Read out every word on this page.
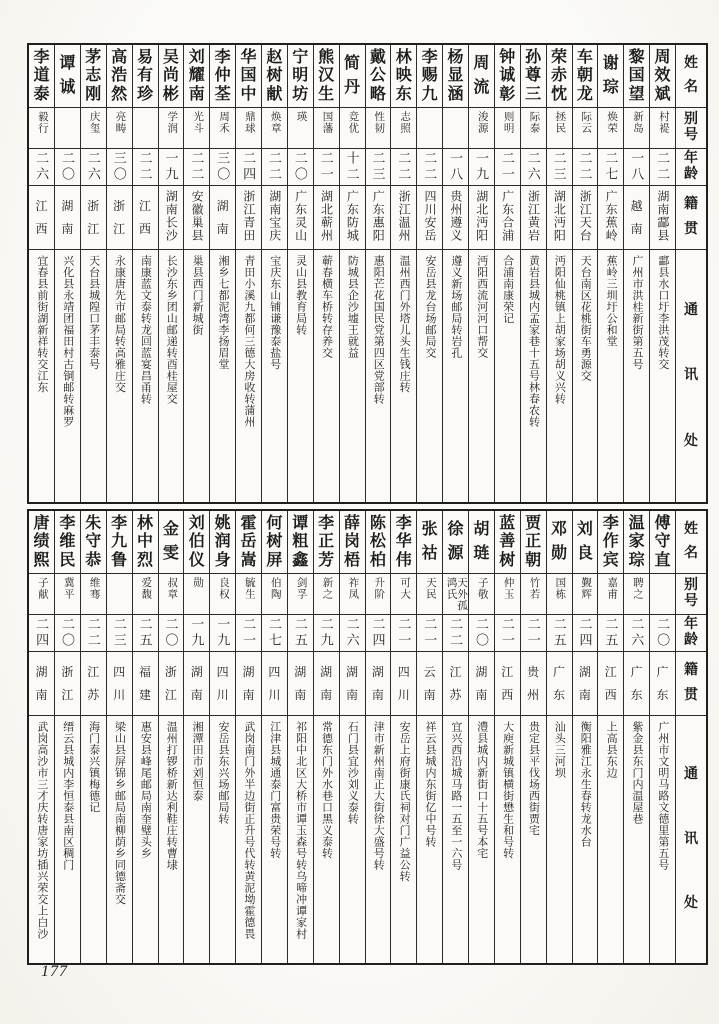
姓
名
别
号
年
龄
籍
贯
通
讯
处
周
效
斌
村褆
二二
湖南酃县
酃县水口圩李洪茂转交
黎
国
望
新岛
一八
越
南
广州市洪桂新街第五号
谢
琮
焕荣
二七
广东蕉岭
蕉岭三圳圩公和堂
车
朝
龙
际云
二二
浙江天台
天台南区花桃街车勇源交
荣
赤
忱
拯民
二三
湖北沔阳
沔阳仙桃镇上胡家场胡义兴转
孙
尊
三
际泰
二六
浙江黄岩
黄岩县城内孟家巷十五号林春农转
钟
诚
彰
则明
二一
广东合浦
合浦南康荣记
周
流
浚源
一九
湖北沔阳
沔阳西流河河口帮交
杨
显
涵
一八
贵州遵义
遵义新场邮局转岩孔
李
赐
九
二二
四川安岳
安岳县龙台场邮局交
林
映
东
志照
二二
浙江温州
温州西门外塔儿头生钱庄转
戴
公
略
性韧
二三
广东惠阳
惠阳芒花国民党第四区党部转
简
丹
竞优
十二
广东防城
防城县企沙墟王就益
熊
汉
生
国藩
二一
湖北蕲州
蕲春横车桥转存养交
宁
明
坊
瑛
二〇
广东灵山
灵山县教育局转
赵
树
献
焕章
二二
湖南宝庆
宝庆东山铺谦豫泰盐号
华
国
中
鼎球
二四
浙江青田
青田小溪九都何三德大房收转蒲州
李
仲
荃
周禾
三〇
湖
南
湘乡七都泥湾李扬眉堂
刘
耀
南
光斗
二二
安徽巢县
巢县西门新城街
吴
尚
彬
学润
一九
湖南长沙
长沙东乡团山邮递转酉桂屋交
易
有
珍
二二
江
西
南康蓝文泰转龙回蓝宴昌甬转
高
浩
然
亮畴
三〇
浙
江
永康唐先市邮局转高雅庄交
茅
志
刚
庆玺
二六
浙
江
天台县城隍口茅丰泰号
谭
诚
二〇
湖
南
兴化县永靖团福田村古铜邮转麻罗
李
道
泰
毅行
二六
江
西
宜春县前街湖新祥转交江东
姓
名
别
号
年
龄
籍
贯
通
讯
处
傅
守
直
二〇
广
东
广州市文明马路文德里第五号
温
家
琮
聘之
二六
广
东
紫金县东门内温屋巷
李
作
宾
嘉甫
二五
江
西
上高县东边
刘
良
觐辉
二四
湖
南
衡阳雅江永生春转龙水台
邓
勋
国栋
二五
广
东
汕头三河坝
贾
正
朝
竹若
二一
贵
州
贵定县平伐场西街贾宅
蓝
善
树
仲玉
二一
江
西
大庾新城镇横街懋生和号转
胡
琏
子敬
二〇
湖
南
澧县城内新街口十五号本宅
徐
源
天外孤鸿氏
二二
江
苏
宜兴西沿城马路一五至一六号
张
祜
天民
二一
云
南
祥云县城内东街亿中号转
李
华
伟
可大
二一
四
川
安岳上府街康氏祠对门广益公转
陈
松
柏
升阶
二四
湖
南
津市新州南正大街徐大盛号转
薛
岗
梧
祚凤
二六
湖
南
石门县宜沙刘义泰转
李
正
芳
新之
二九
湖
南
常德东门外水巷口黑义泰转
谭
粗
鑫
剑孚
二五
湖
南
祁阳中北区大桥市谭玉森号转乌啼冲谭家村
何
树
屏
伯陶
二七
四
川
江津县城通泰门富贵荣号转
霍
岳
嵩
毓生
二一
湖
南
武岗南门外半边街正升号代转黄泥坳霍德畏
姚
润
身
良权
一九
四
川
安岳县东兴场邮局转
刘
伯
仪
勋
一九
湖
南
湘潭田市刘恒泰
金
雯
叔章
二〇
浙
江
温州打锣桥新达利鞋庄转曹埭
林
中
烈
爱馥
二五
福
建
惠安县峰尾邮局南奎璧头乡
李
九
鲁
二三
四
川
梁山县屏锦乡邮局南柳荫乡同德斋交
朱
守
恭
维骞
二二
江
苏
海门泰兴镇梅德记
李
维
民
冀平
二〇
浙
江
缙云县城内李恒泰县南区稠门
唐
绩
熙
子献
二四
湖
南
武岗高沙市三才庆转唐家坊插兴荣交上白沙
177
